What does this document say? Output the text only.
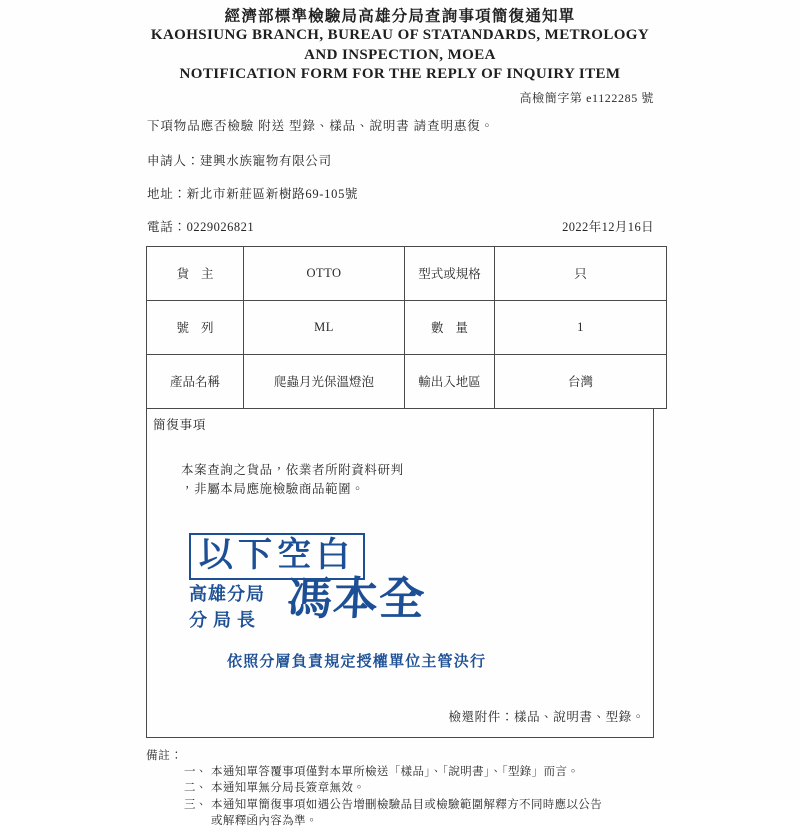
經濟部標準檢驗局高雄分局查詢事項簡復通知單
KAOHSIUNG BRANCH, BUREAU OF STATANDARDS, METROLOGY
AND INSPECTION, MOEA
NOTIFICATION FORM FOR THE REPLY OF INQUIRY ITEM
高檢簡字第 e1122285 號
下項物品應否檢驗 附送 型錄、樣品、說明書 請查明惠復。
申請人：建興水族寵物有限公司
地址：新北市新莊區新樹路69-105號
電話：0229026821	2022年12月16日
貨主	OTTO	型式或規格	只
號列	ML	數量	1
產品名稱	爬蟲月光保溫燈泡	輸出入地區	台灣
簡復事項
本案查詢之貨品，依業者所附資料研判
，非屬本局應施檢驗商品範圍。
以下空白
高雄分局
分局長 馮本全
依照分層負責規定授權單位主管決行
檢還附件：樣品、說明書、型錄。
備註：
一、 本通知單答覆事項僅對本單所檢送「樣品」、「說明書」、「型錄」而言。
二、 本通知單無分局長簽章無效。
三、 本通知單簡復事項如遇公告增刪檢驗品目或檢驗範圍解釋方不同時應以公告
或解釋函內容為準。
